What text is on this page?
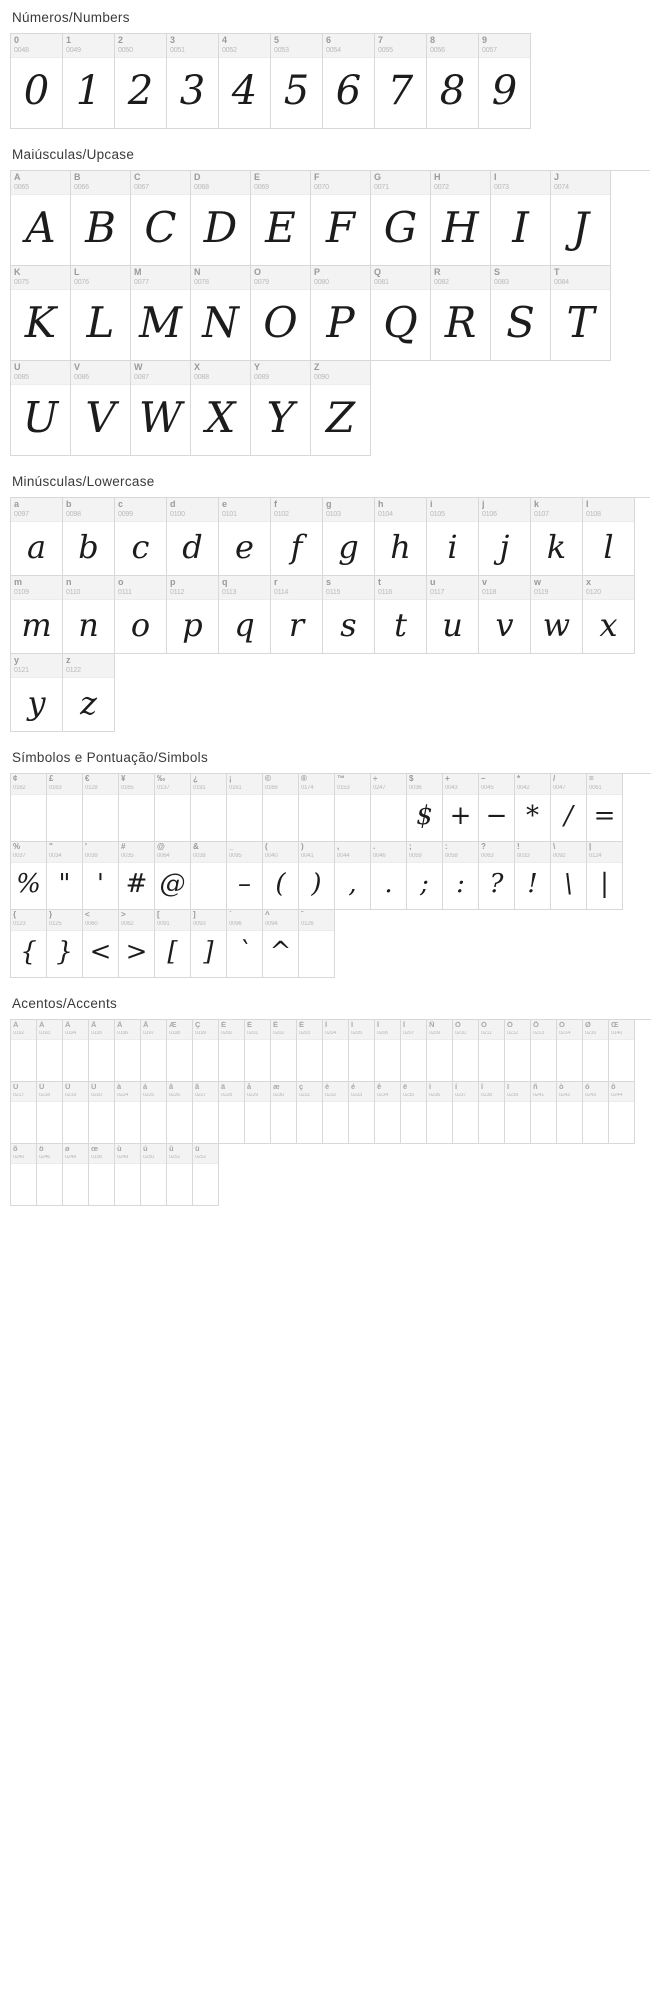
Números/Numbers
0
0048
0
1
0049
1
2
0050
2
3
0051
3
4
0052
4
5
0053
5
6
0054
6
7
0055
7
8
0056
8
9
0057
9
Maiúsculas/Upcase
A
0065
A
B
0066
B
C
0067
C
D
0068
D
E
0069
E
F
0070
F
G
0071
G
H
0072
H
I
0073
I
J
0074
J
K
0075
K
L
0076
L
M
0077
M
N
0078
N
O
0079
O
P
0080
P
Q
0081
Q
R
0082
R
S
0083
S
T
0084
T
U
0085
U
V
0086
V
W
0087
W
X
0088
X
Y
0089
Y
Z
0090
Z
Minúsculas/Lowercase
a
0097
a
b
0098
b
c
0099
c
d
0100
d
e
0101
e
f
0102
f
g
0103
g
h
0104
h
i
0105
i
j
0106
j
k
0107
k
l
0108
l
m
0109
m
n
0110
n
o
0111
o
p
0112
p
q
0113
q
r
0114
r
s
0115
s
t
0116
t
u
0117
u
v
0118
v
w
0119
w
x
0120
x
y
0121
y
z
0122
z
Símbolos e Pontuação/Simbols
¢
0162
£
0163
€
0128
¥
0165
‰
0137
¿
0191
¡
0161
©
0169
®
0174
™
0153
÷
0247
$
0036
$
+
0043
+
–
0045
−
*
0042
*
/
0047
/
=
0061
=
%
0037
%
"
0034
"
'
0039
'
#
0035
#
@
0064
@
&
0038
_
0095
–
(
0040
(
)
0041
)
,
0044
,
.
0046
.
;
0059
;
:
0058
:
?
0063
?
!
0033
!
\
0092
\
|
0124
|
{
0123
{
}
0125
}
<
0060
<
>
0062
>
[
0091
[
]
0093
]
`
0096
`
^
0094
^
˘
0126
Acentos/Accents
À
0192
Á
0193
Â
0194
Ã
0195
Ä
0196
Å
0197
Æ
0198
Ç
0199
È
0200
É
0201
Ê
0202
Ë
0203
Ì
0204
Í
0205
Î
0206
Ï
0207
Ñ
0209
Ò
0210
Ó
0211
Ô
0212
Õ
0213
Ö
0214
Ø
0216
Œ
0140
Ù
0217
Ú
0218
Û
0219
Ü
0220
à
0224
á
0225
â
0226
ã
0227
ä
0228
å
0229
æ
0230
ç
0231
è
0232
é
0233
ê
0234
ë
0235
ì
0236
í
0237
î
0238
ï
0239
ñ
0241
ò
0242
ó
0243
ô
0244
õ
0245
ö
0246
ø
0248
œ
0156
ù
0249
ú
0250
û
0251
ü
0252
